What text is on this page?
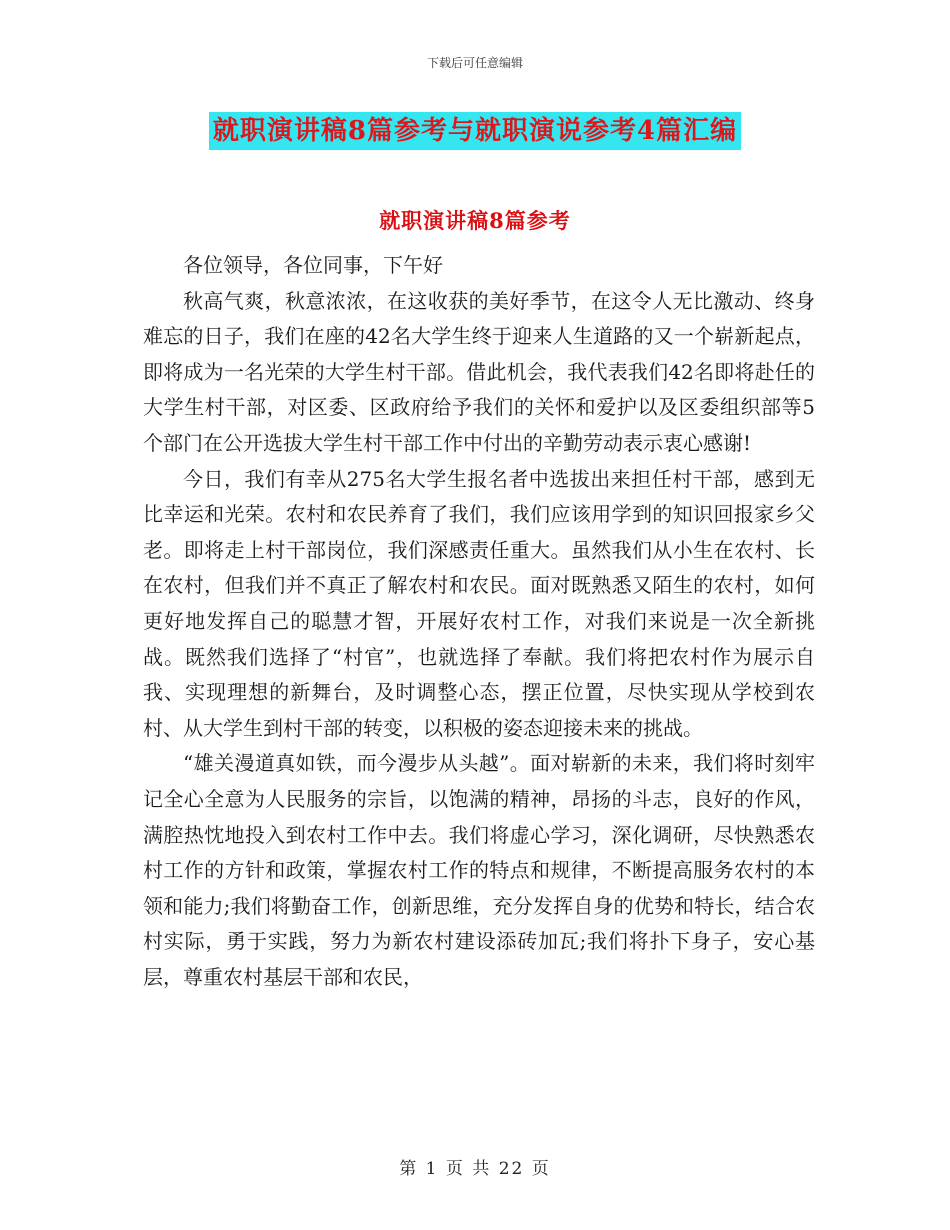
下载后可任意编辑
就职演讲稿8篇参考与就职演说参考4篇汇编
就职演讲稿8篇参考

各位领导，各位同事，下午好

秋高气爽，秋意浓浓，在这收获的美好季节，在这令人无比激动、终身难忘的日子，我们在座的42名大学生终于迎来人生道路的又一个崭新起点，即将成为一名光荣的大学生村干部。借此机会，我代表我们42名即将赴任的大学生村干部，对区委、区政府给予我们的关怀和爱护以及区委组织部等5个部门在公开选拔大学生村干部工作中付出的辛勤劳动表示衷心感谢!

今日，我们有幸从275名大学生报名者中选拔出来担任村干部，感到无比幸运和光荣。农村和农民养育了我们，我们应该用学到的知识回报家乡父老。即将走上村干部岗位，我们深感责任重大。虽然我们从小生在农村、长在农村，但我们并不真正了解农村和农民。面对既熟悉又陌生的农村，如何更好地发挥自己的聪慧才智，开展好农村工作，对我们来说是一次全新挑战。既然我们选择了“村官”，也就选择了奉献。我们将把农村作为展示自我、实现理想的新舞台，及时调整心态，摆正位置，尽快实现从学校到农村、从大学生到村干部的转变，以积极的姿态迎接未来的挑战。

“雄关漫道真如铁，而今漫步从头越”。面对崭新的未来，我们将时刻牢记全心全意为人民服务的宗旨，以饱满的精神，昂扬的斗志，良好的作风，满腔热忱地投入到农村工作中去。我们将虚心学习，深化调研，尽快熟悉农村工作的方针和政策，掌握农村工作的特点和规律，不断提高服务农村的本领和能力;我们将勤奋工作，创新思维，充分发挥自身的优势和特长，结合农村实际，勇于实践，努力为新农村建设添砖加瓦;我们将扑下身子，安心基层，尊重农村基层干部和农民，

第 1 页 共 22 页
